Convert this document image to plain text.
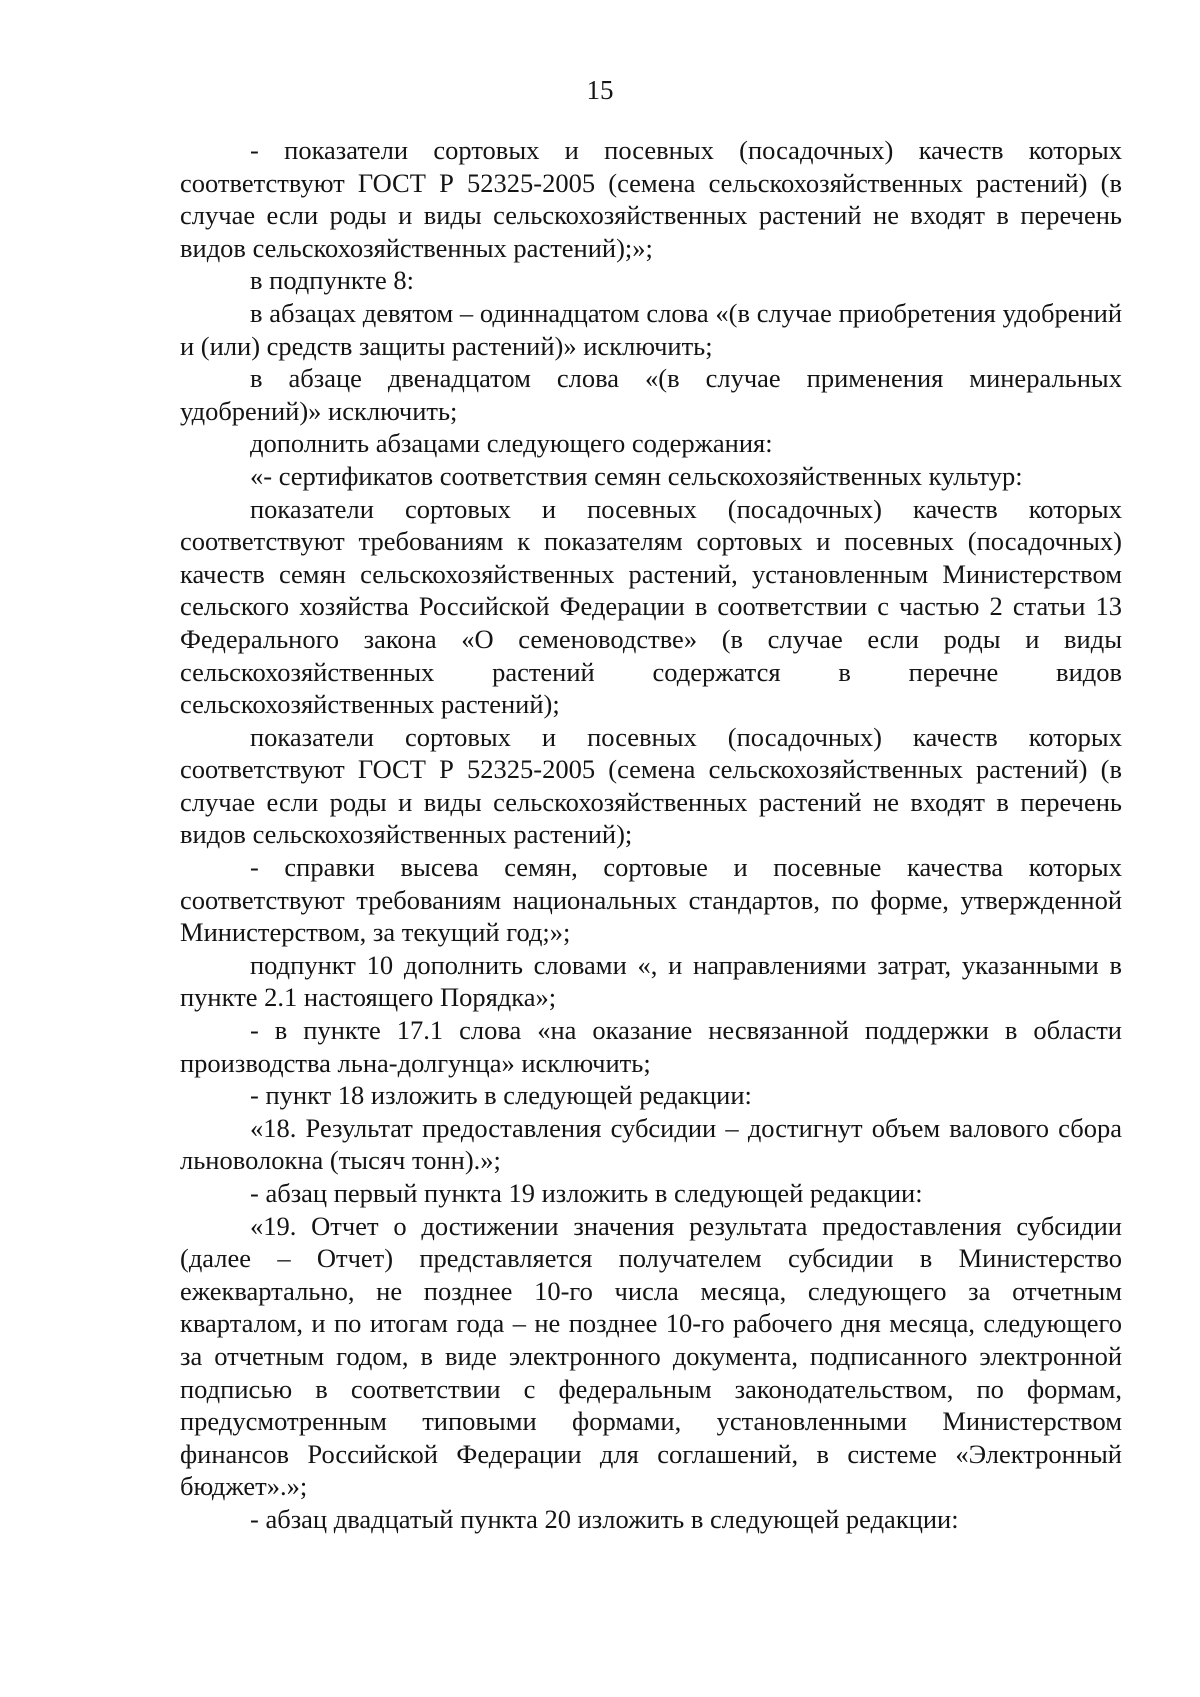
15

- показатели сортовых и посевных (посадочных) качеств которых соответствуют ГОСТ Р 52325-2005 (семена сельскохозяйственных растений) (в случае если роды и виды сельскохозяйственных растений не входят в перечень видов сельскохозяйственных растений);»;

в подпункте 8:

в абзацах девятом – одиннадцатом слова «(в случае приобретения удобрений и (или) средств защиты растений)» исключить;

в абзаце двенадцатом слова «(в случае применения минеральных удобрений)» исключить;

дополнить абзацами следующего содержания:

«- сертификатов соответствия семян сельскохозяйственных культур:

показатели сортовых и посевных (посадочных) качеств которых соответствуют требованиям к показателям сортовых и посевных (посадочных) качеств семян сельскохозяйственных растений, установленным Министерством сельского хозяйства Российской Федерации в соответствии с частью 2 статьи 13 Федерального закона «О семеноводстве» (в случае если роды и виды сельскохозяйственных растений содержатся в перечне видов сельскохозяйственных растений);

показатели сортовых и посевных (посадочных) качеств которых соответствуют ГОСТ Р 52325-2005 (семена сельскохозяйственных растений) (в случае если роды и виды сельскохозяйственных растений не входят в перечень видов сельскохозяйственных растений);

- справки высева семян, сортовые и посевные качества которых соответствуют требованиям национальных стандартов, по форме, утвержденной Министерством, за текущий год;»;

подпункт 10 дополнить словами «, и направлениями затрат, указанными в пункте 2.1 настоящего Порядка»;

- в пункте 17.1 слова «на оказание несвязанной поддержки в области производства льна-долгунца» исключить;

- пункт 18 изложить в следующей редакции:

«18. Результат предоставления субсидии – достигнут объем валового сбора льноволокна (тысяч тонн).»;

- абзац первый пункта 19 изложить в следующей редакции:

«19. Отчет о достижении значения результата предоставления субсидии (далее – Отчет) представляется получателем субсидии в Министерство ежеквартально, не позднее 10-го числа месяца, следующего за отчетным кварталом, и по итогам года – не позднее 10-го рабочего дня месяца, следующего за отчетным годом, в виде электронного документа, подписанного электронной подписью в соответствии с федеральным законодательством, по формам, предусмотренным типовыми формами, установленными Министерством финансов Российской Федерации для соглашений, в системе «Электронный бюджет».»;

- абзац двадцатый пункта 20 изложить в следующей редакции:
